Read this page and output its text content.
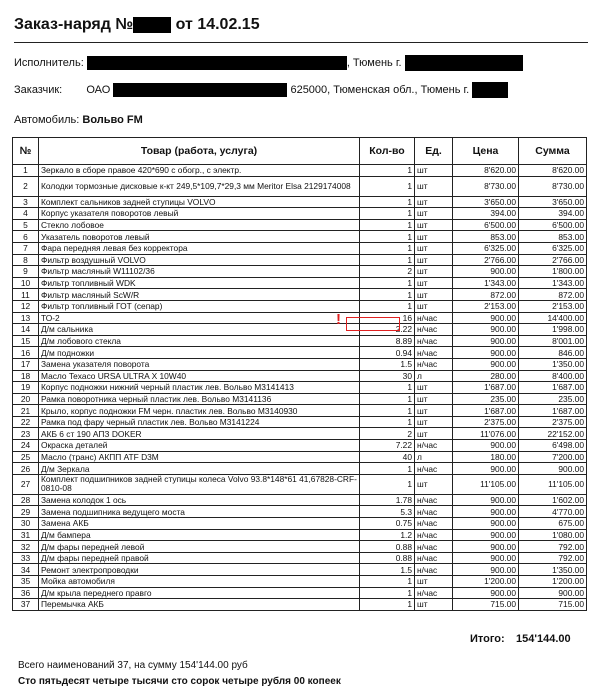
Заказ-наряд №	от 14.02.15
Исполнитель:	, Тюмень г.
Заказчик: ОАО	625000, Тюменская обл., Тюмень г.
Автомобиль: Вольво FM
№	Товар (работа, услуга)	Кол-во	Ед.	Цена	Сумма
1	Зеркало в сборе правое 420*690 с обогр., с электр.	1	шт	8'620.00	8'620.00
2	Колодки тормозные дисковые к-кт 249,5*109,7*29,3 мм Meritor Elsa 2129174008	1	шт	8'730.00	8'730.00
3	Комплект сальников задней ступицы VOLVO	1	шт	3'650.00	3'650.00
4	Корпус указателя поворотов левый	1	шт	394.00	394.00
5	Стекло лобовое	1	шт	6'500.00	6'500.00
6	Указатель поворотов левый	1	шт	853.00	853.00
7	Фара передняя левая без корректора	1	шт	6'325.00	6'325.00
8	Фильтр воздушный VOLVO	1	шт	2'766.00	2'766.00
9	Фильтр масляный W11102/36	2	шт	900.00	1'800.00
10	Фильтр топливный WDK	1	шт	1'343.00	1'343.00
11	Фильтр масляный ScW/R	1	шт	872.00	872.00
12	Фильтр топливный ГОТ (сепар)	1	шт	2'153.00	2'153.00
13	ТО-2	16	н/час	900.00	14'400.00
14	Д/м сальника	2.22	н/час	900.00	1'998.00
15	Д/м лобового стекла	8.89	н/час	900.00	8'001.00
16	Д/м подножки	0.94	н/час	900.00	846.00
17	Замена указателя поворота	1.5	н/час	900.00	1'350.00
18	Масло Texaco URSA ULTRA X 10W40	30	л	280.00	8'400.00
19	Корпус подножки нижний черный пластик лев. Вольво M3141413	1	шт	1'687.00	1'687.00
20	Рамка поворотника черный пластик лев. Вольво M3141136	1	шт	235.00	235.00
21	Крыло, корпус подножки FM черн. пластик лев. Вольво M3140930	1	шт	1'687.00	1'687.00
22	Рамка под фару черный пластик лев. Вольво M3141224	1	шт	2'375.00	2'375.00
23	АКБ 6 ст 190 АПЗ DOKER	2	шт	11'076.00	22'152.00
24	Окраска деталей	7.22	н/час	900.00	6'498.00
25	Масло (транс) АКПП ATF D3M	40	л	180.00	7'200.00
26	Д/м Зеркала	1	н/час	900.00	900.00
27	Комплект подшипников задней ступицы колеса Volvo 93.8*148*61 41,67828-CRF-0810-08	1	шт	11'105.00	11'105.00
28	Замена колодок 1 ось	1.78	н/час	900.00	1'602.00
29	Замена подшипника ведущего моста	5.3	н/час	900.00	4'770.00
30	Замена АКБ	0.75	н/час	900.00	675.00
31	Д/м бампера	1.2	н/час	900.00	1'080.00
32	Д/м фары передней левой	0.88	н/час	900.00	792.00
33	Д/м фары передней правой	0.88	н/час	900.00	792.00
34	Ремонт электропроводки	1.5	н/час	900.00	1'350.00
35	Мойка автомобиля	1	шт	1'200.00	1'200.00
36	Д/м крыла переднего правго	1	н/час	900.00	900.00
37	Перемычка АКБ	1	шт	715.00	715.00
!
Итого: 154'144.00
Всего наименований 37, на сумму 154'144.00 руб
Сто пятьдесят четыре тысячи сто сорок четыре рубля 00 копеек
